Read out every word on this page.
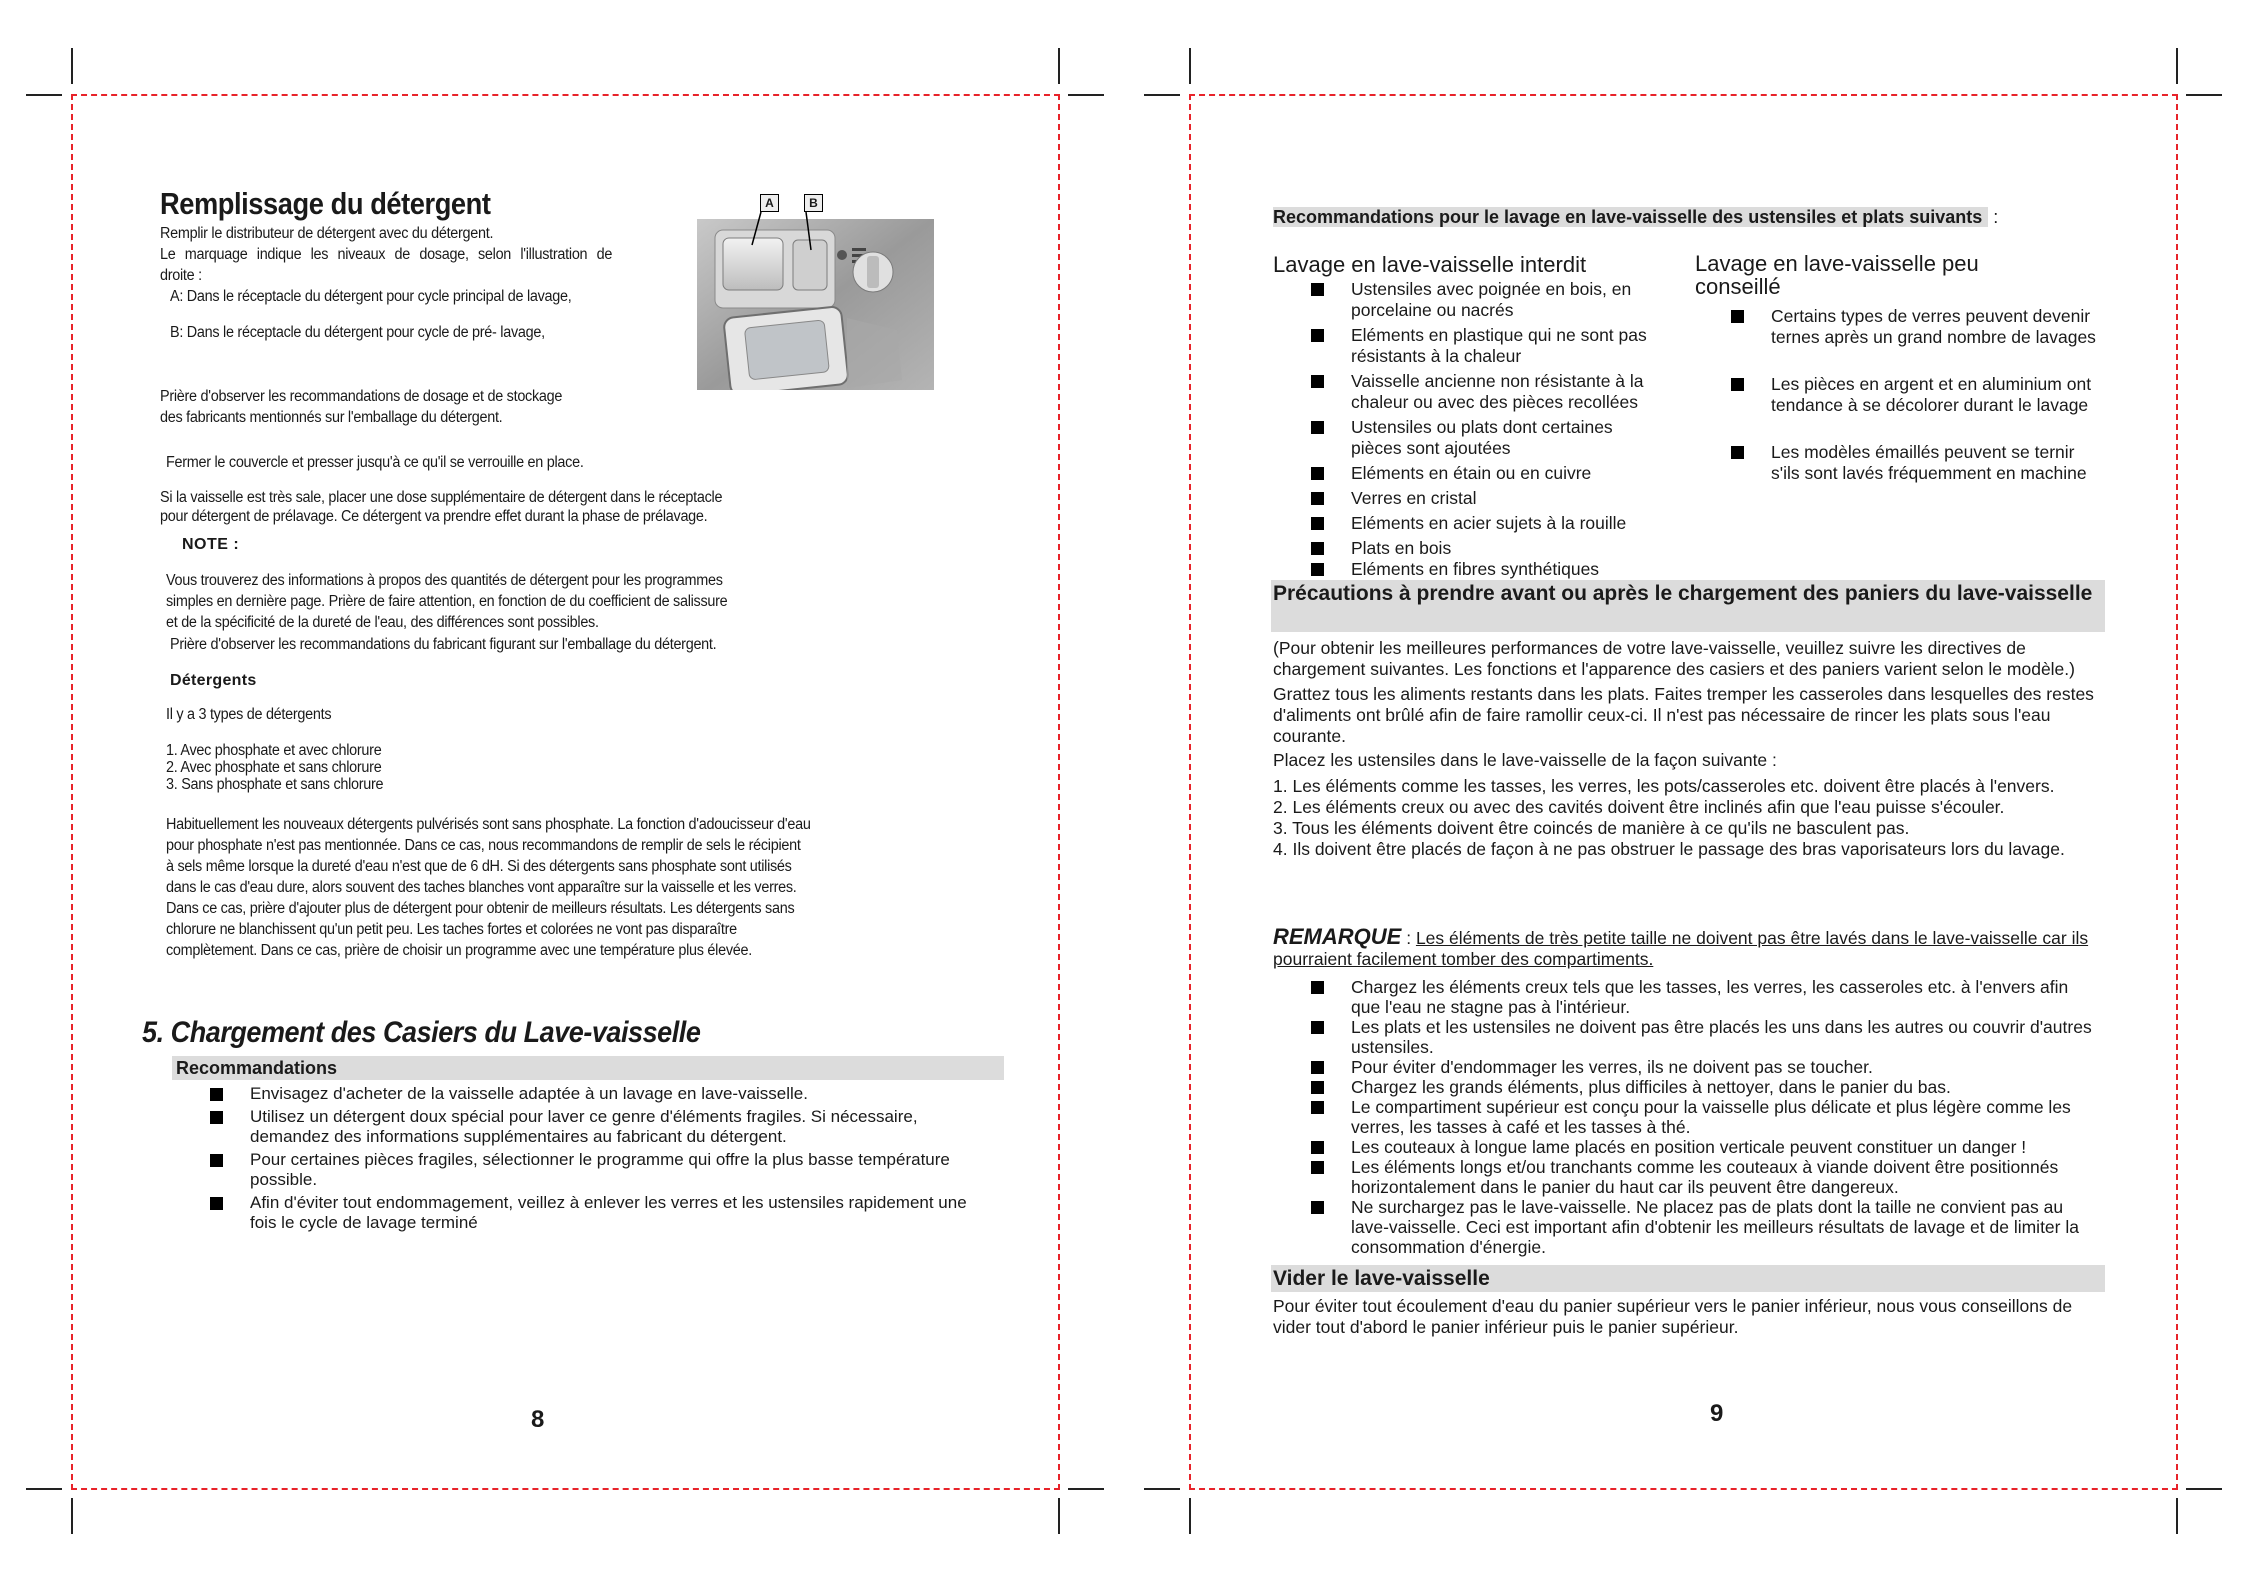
Remplissage du détergent
Remplir le distributeur de détergent avec du détergent.
Le marquage indique les niveaux de dosage, selon l'illustration de
droite :
A: Dans le réceptacle du détergent pour cycle principal de lavage,
B: Dans le réceptacle du détergent pour cycle de pré- lavage,
A	B
Prière d'observer les recommandations de dosage et de stockage
des fabricants mentionnés sur l'emballage du détergent.
Fermer le couvercle et presser jusqu'à ce qu'il se verrouille en place.
Si la vaisselle est très sale, placer une dose supplémentaire de détergent dans le réceptacle
pour détergent de prélavage. Ce détergent va prendre effet durant la phase de prélavage.
NOTE :
Vous trouverez des informations à propos des quantités de détergent pour les programmes
simples en dernière page. Prière de faire attention, en fonction de du coefficient de salissure
et de la spécificité de la dureté de l'eau, des différences sont possibles.
Prière d'observer les recommandations du fabricant figurant sur l'emballage du détergent.
Détergents
Il y a 3 types de détergents
1. Avec phosphate et avec chlorure
2. Avec phosphate et sans chlorure
3. Sans phosphate et sans chlorure
Habituellement les nouveaux détergents pulvérisés sont sans phosphate. La fonction d'adoucisseur d'eau
pour phosphate n'est pas mentionnée. Dans ce cas, nous recommandons de remplir de sels le récipient
à sels même lorsque la dureté d'eau n'est que de 6 dH. Si des détergents sans phosphate sont utilisés
dans le cas d'eau dure, alors souvent des taches blanches vont apparaître sur la vaisselle et les verres.
Dans ce cas, prière d'ajouter plus de détergent pour obtenir de meilleurs résultats. Les détergents sans
chlorure ne blanchissent qu'un petit peu. Les taches fortes et colorées ne vont pas disparaître
complètement. Dans ce cas, prière de choisir un programme avec une température plus élevée.
5. Chargement des Casiers du Lave-vaisselle
Recommandations
Envisagez d'acheter de la vaisselle adaptée à un lavage en lave-vaisselle.
Utilisez un détergent doux spécial pour laver ce genre d'éléments fragiles. Si nécessaire, demandez des informations supplémentaires au fabricant du détergent.
Pour certaines pièces fragiles, sélectionner le programme qui offre la plus basse température possible.
Afin d'éviter tout endommagement, veillez à enlever les verres et les ustensiles rapidement une fois le cycle de lavage terminé
8
Recommandations pour le lavage en lave-vaisselle des ustensiles et plats suivants :
Lavage en lave-vaisselle interdit
Ustensiles avec poignée en bois, en porcelaine ou nacrés
Eléments en plastique qui ne sont pas résistants à la chaleur
Vaisselle ancienne non résistante à la chaleur ou avec des pièces recollées
Ustensiles ou plats dont certaines pièces sont ajoutées
Eléments en étain ou en cuivre
Verres en cristal
Eléments en acier sujets à la rouille
Plats en bois
Eléments en fibres synthétiques
Lavage en lave-vaisselle peu conseillé
Certains types de verres peuvent devenir ternes après un grand nombre de lavages
Les pièces en argent et en aluminium ont tendance à se décolorer durant le lavage
Les modèles émaillés peuvent se ternir s'ils sont lavés fréquemment en machine
Précautions à prendre avant ou après le chargement des paniers du lave-vaisselle

(Pour obtenir les meilleures performances de votre lave-vaisselle, veuillez suivre les directives de chargement suivantes. Les fonctions et l'apparence des casiers et des paniers varient selon le modèle.)

Grattez tous les aliments restants dans les plats. Faites tremper les casseroles dans lesquelles des restes d'aliments ont brûlé afin de faire ramollir ceux-ci. Il n'est pas nécessaire de rincer les plats sous l'eau courante.

Placez les ustensiles dans le lave-vaisselle de la façon suivante :

1. Les éléments comme les tasses, les verres, les pots/casseroles etc. doivent être placés à l'envers.

2. Les éléments creux ou avec des cavités doivent être inclinés afin que l'eau puisse s'écouler.

3. Tous les éléments doivent être coincés de manière à ce qu'ils ne basculent pas.

4. Ils doivent être placés de façon à ne pas obstruer le passage des bras vaporisateurs lors du lavage.

REMARQUE : Les éléments de très petite taille ne doivent pas être lavés dans le lave-vaisselle car ils pourraient facilement tomber des compartiments.
Chargez les éléments creux tels que les tasses, les verres, les casseroles etc. à l'envers afin que l'eau ne stagne pas à l'intérieur.
Les plats et les ustensiles ne doivent pas être placés les uns dans les autres ou couvrir d'autres ustensiles.
Pour éviter d'endommager les verres, ils ne doivent pas se toucher.
Chargez les grands éléments, plus difficiles à nettoyer, dans le panier du bas.
Le compartiment supérieur est conçu pour la vaisselle plus délicate et plus légère comme les verres, les tasses à café et les tasses à thé.
Les couteaux à longue lame placés en position verticale peuvent constituer un danger !
Les éléments longs et/ou tranchants comme les couteaux à viande doivent être positionnés horizontalement dans le panier du haut car ils peuvent être dangereux.
Ne surchargez pas le lave-vaisselle. Ne placez pas de plats dont la taille ne convient pas au lave-vaisselle. Ceci est important afin d'obtenir les meilleurs résultats de lavage et de limiter la consommation d'énergie.
Vider le lave-vaisselle
Pour éviter tout écoulement d'eau du panier supérieur vers le panier inférieur, nous vous conseillons de vider tout d'abord le panier inférieur puis le panier supérieur.
9
